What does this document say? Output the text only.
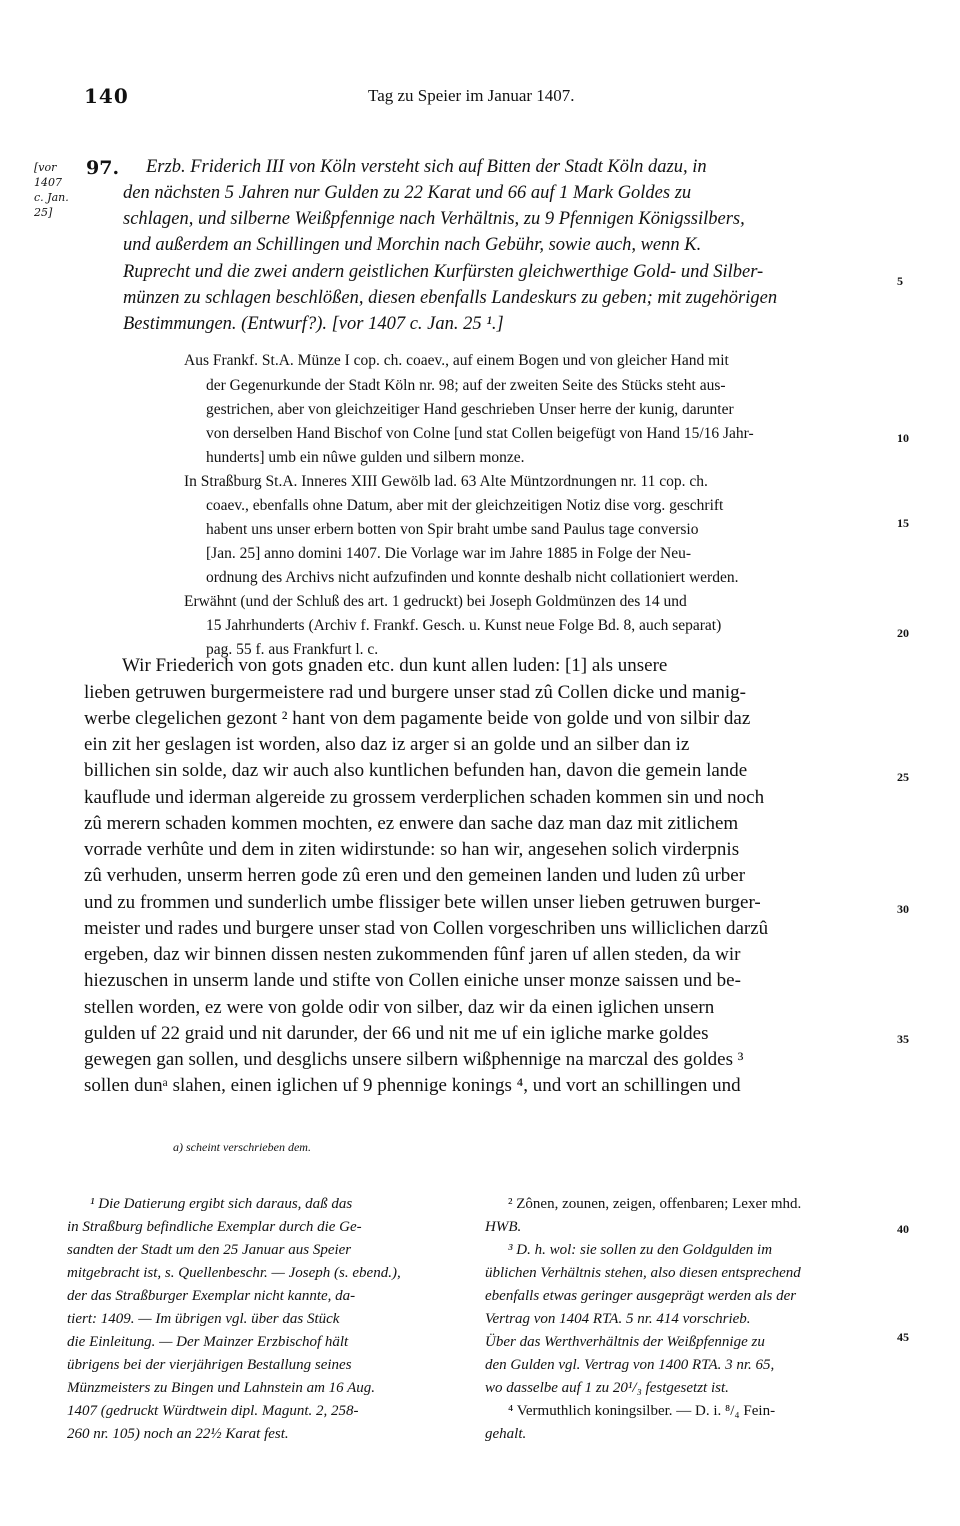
140	Tag zu Speier im Januar 1407.
[vor
1407
c. Jan.
25]
97. Erzb. Friderich III von Köln versteht sich auf Bitten der Stadt Köln dazu, in
den nächsten 5 Jahren nur Gulden zu 22 Karat und 66 auf 1 Mark Goldes zu
schlagen, und silberne Weißpfennige nach Verhältnis, zu 9 Pfennigen Königssilbers,
und außerdem an Schillingen und Morchin nach Gebühr, sowie auch, wenn K.
Ruprecht und die zwei andern geistlichen Kurfürsten gleichwerthige Gold- und Silber-
münzen zu schlagen beschlößen, diesen ebenfalls Landeskurs zu geben; mit zugehörigen
Bestimmungen. (Entwurf?). [vor 1407 c. Jan. 25 ¹.]
Aus Frankf. St.A. Münze I cop. ch. coaev., auf einem Bogen und von gleicher Hand mit
der Gegenurkunde der Stadt Köln nr. 98; auf der zweiten Seite des Stücks steht aus-
gestrichen, aber von gleichzeitiger Hand geschrieben Unser herre der kunig, darunter
von derselben Hand Bischof von Colne [und stat Collen beigefügt von Hand 15/16 Jahr-
hunderts] umb ein nûwe gulden und silbern monze.
In Straßburg St.A. Inneres XIII Gewölb lad. 63 Alte Müntzordnungen nr. 11 cop. ch.
coaev., ebenfalls ohne Datum, aber mit der gleichzeitigen Notiz dise vorg. geschrift
habent uns unser erbern botten von Spir braht umbe sand Paulus tage conversio
[Jan. 25] anno domini 1407. Die Vorlage war im Jahre 1885 in Folge der Neu-
ordnung des Archivs nicht aufzufinden und konnte deshalb nicht collationiert werden.
Erwähnt (und der Schluß des art. 1 gedruckt) bei Joseph Goldmünzen des 14 und
15 Jahrhunderts (Archiv f. Frankf. Gesch. u. Kunst neue Folge Bd. 8, auch separat)
pag. 55 f. aus Frankfurt l. c.
Wir Friederich von gots gnaden etc. dun kunt allen luden: [1] als unsere
lieben getruwen burgermeistere rad und burgere unser stad zû Collen dicke und manig-
werbe clegelichen gezont ² hant von dem pagamente beide von golde und von silbir daz
ein zit her geslagen ist worden, also daz iz arger si an golde und an silber dan iz
billichen sin solde, daz wir auch also kuntlichen befunden han, davon die gemein lande
kauflude und iderman algereide zu grossem verderplichen schaden kommen sin und noch
zû merern schaden kommen mochten, ez enwere dan sache daz man daz mit zitlichem
vorrade verhûte und dem in ziten widirstunde: so han wir, angesehen solich virderpnis
zû verhuden, unserm herren gode zû eren und den gemeinen landen und luden zû urber
und zu frommen und sunderlich umbe flissiger bete willen unser lieben getruwen burger-
meister und rades und burgere unser stad von Collen vorgeschriben uns williclichen darzû
ergeben, daz wir binnen dissen nesten zukommenden fûnf jaren uf allen steden, da wir
hiezuschen in unserm lande und stifte von Collen einiche unser monze saissen und be-
stellen worden, ez were von golde odir von silber, daz wir da einen iglichen unsern
gulden uf 22 graid und nit darunder, der 66 und nit me uf ein igliche marke goldes
gewegen gan sollen, und desglichs unsere silbern wißphennige na marczal des goldes ³
sollen dunᵃ slahen, einen iglichen uf 9 phennige konings ⁴, und vort an schillingen und
a) scheint verschrieben dem.
¹ Die Datierung ergibt sich daraus, daß das
in Straßburg befindliche Exemplar durch die Ge-
sandten der Stadt um den 25 Januar aus Speier
mitgebracht ist, s. Quellenbeschr. — Joseph (s. ebend.),
der das Straßburger Exemplar nicht kannte, da-
tiert: 1409. — Im übrigen vgl. über das Stück
die Einleitung. — Der Mainzer Erzbischof hält
übrigens bei der vierjährigen Bestallung seines
Münzmeisters zu Bingen und Lahnstein am 16 Aug.
1407 (gedruckt Würdtwein dipl. Magunt. 2, 258-
260 nr. 105) noch an 22½ Karat fest.
² Zônen, zounen, zeigen, offenbaren; Lexer mhd.
HWB.
³ D. h. wol: sie sollen zu den Goldgulden im
üblichen Verhältnis stehen, also diesen entsprechend
ebenfalls etwas geringer ausgeprägt werden als der
Vertrag von 1404 RTA. 5 nr. 414 vorschrieb.
Über das Werthverhältnis der Weißpfennige zu
den Gulden vgl. Vertrag von 1400 RTA. 3 nr. 65,
wo dasselbe auf 1 zu 20¹/₃ festgesetzt ist.
⁴ Vermuthlich koningsilber. — D. i. ⁸/₄ Fein-
gehalt.
5
10
15
20
25
30
35
40
45
